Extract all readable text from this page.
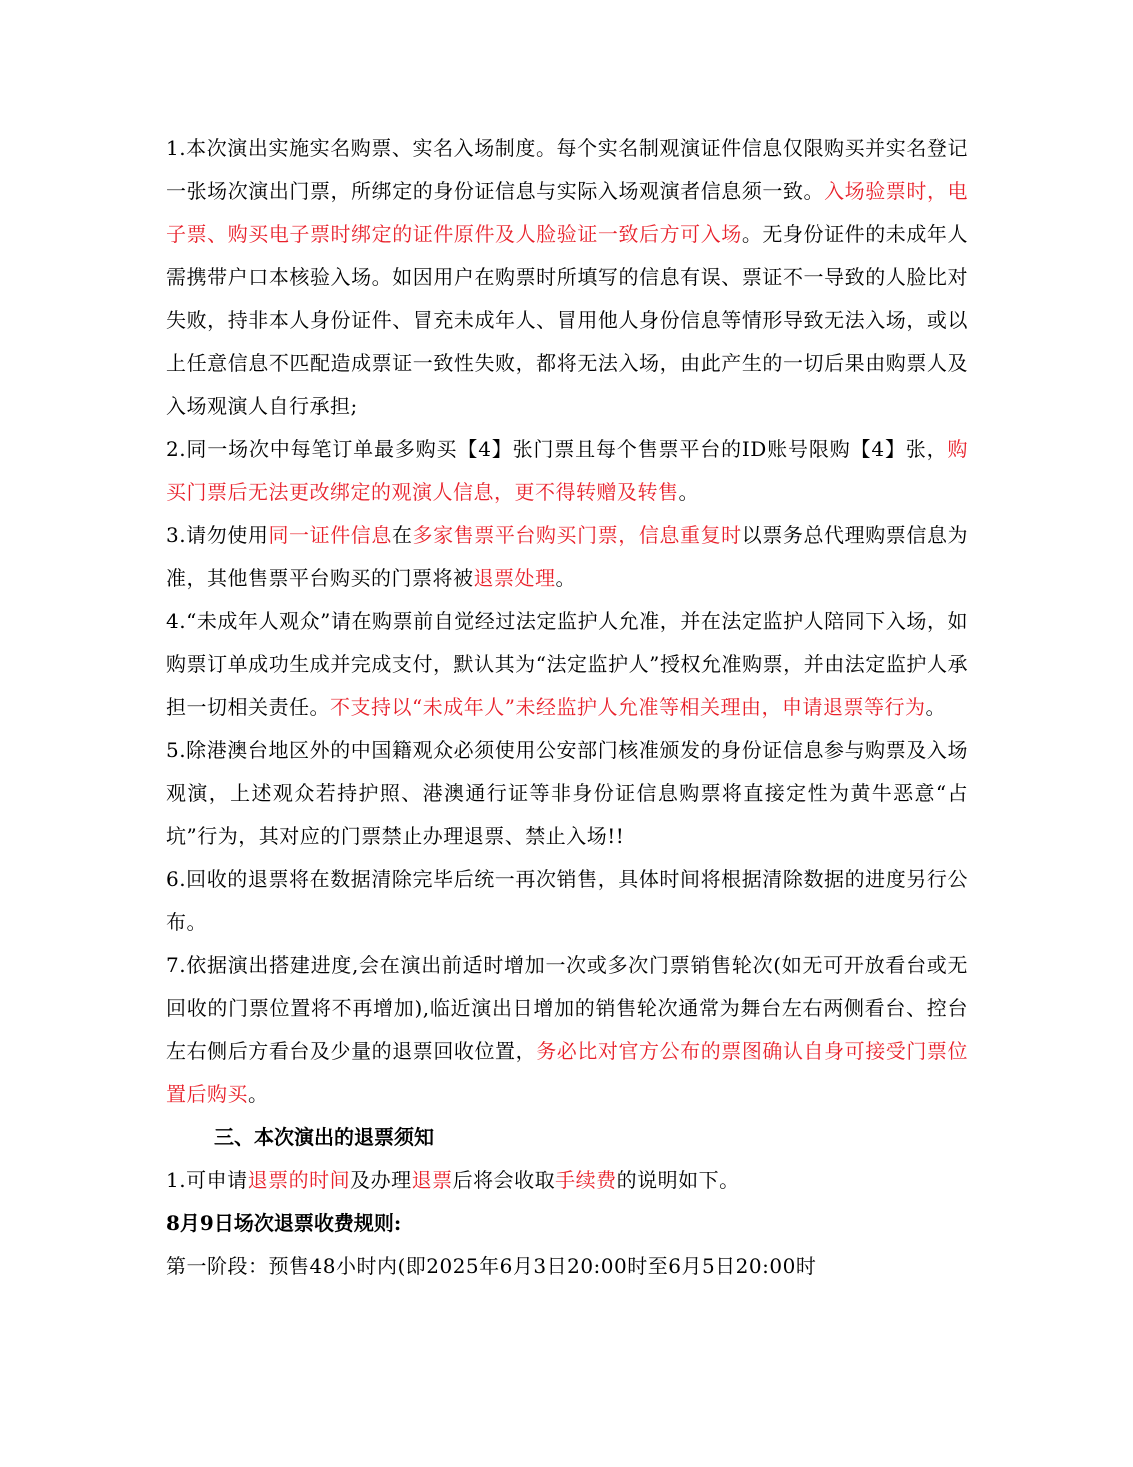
1.本次演出实施实名购票、实名入场制度。每个实名制观演证件信息仅限购买并实名登记一张场次演出门票，所绑定的身份证信息与实际入场观演者信息须一致。入场验票时，电子票、购买电子票时绑定的证件原件及人脸验证一致后方可入场。无身份证件的未成年人需携带户口本核验入场。如因用户在购票时所填写的信息有误、票证不一导致的人脸比对失败，持非本人身份证件、冒充未成年人、冒用他人身份信息等情形导致无法入场，或以上任意信息不匹配造成票证一致性失败，都将无法入场，由此产生的一切后果由购票人及入场观演人自行承担;

2.同一场次中每笔订单最多购买【4】张门票且每个售票平台的ID账号限购【4】张，购买门票后无法更改绑定的观演人信息，更不得转赠及转售。

3.请勿使用同一证件信息在多家售票平台购买门票，信息重复时以票务总代理购票信息为准，其他售票平台购买的门票将被退票处理。

4.“未成年人观众”请在购票前自觉经过法定监护人允准，并在法定监护人陪同下入场，如购票订单成功生成并完成支付，默认其为“法定监护人”授权允准购票，并由法定监护人承担一切相关责任。不支持以“未成年人”未经监护人允准等相关理由，申请退票等行为。

5.除港澳台地区外的中国籍观众必须使用公安部门核准颁发的身份证信息参与购票及入场观演，上述观众若持护照、港澳通行证等非身份证信息购票将直接定性为黄牛恶意“占坑”行为，其对应的门票禁止办理退票、禁止入场!!

6.回收的退票将在数据清除完毕后统一再次销售，具体时间将根据清除数据的进度另行公布。

7.依据演出搭建进度,会在演出前适时增加一次或多次门票销售轮次(如无可开放看台或无回收的门票位置将不再增加),临近演出日增加的销售轮次通常为舞台左右两侧看台、控台左右侧后方看台及少量的退票回收位置，务必比对官方公布的票图确认自身可接受门票位置后购买。

三、本次演出的退票须知

1.可申请退票的时间及办理退票后将会收取手续费的说明如下。

8月9日场次退票收费规则:

第一阶段：预售48小时内(即2025年6月3日20:00时至6月5日20:00时
